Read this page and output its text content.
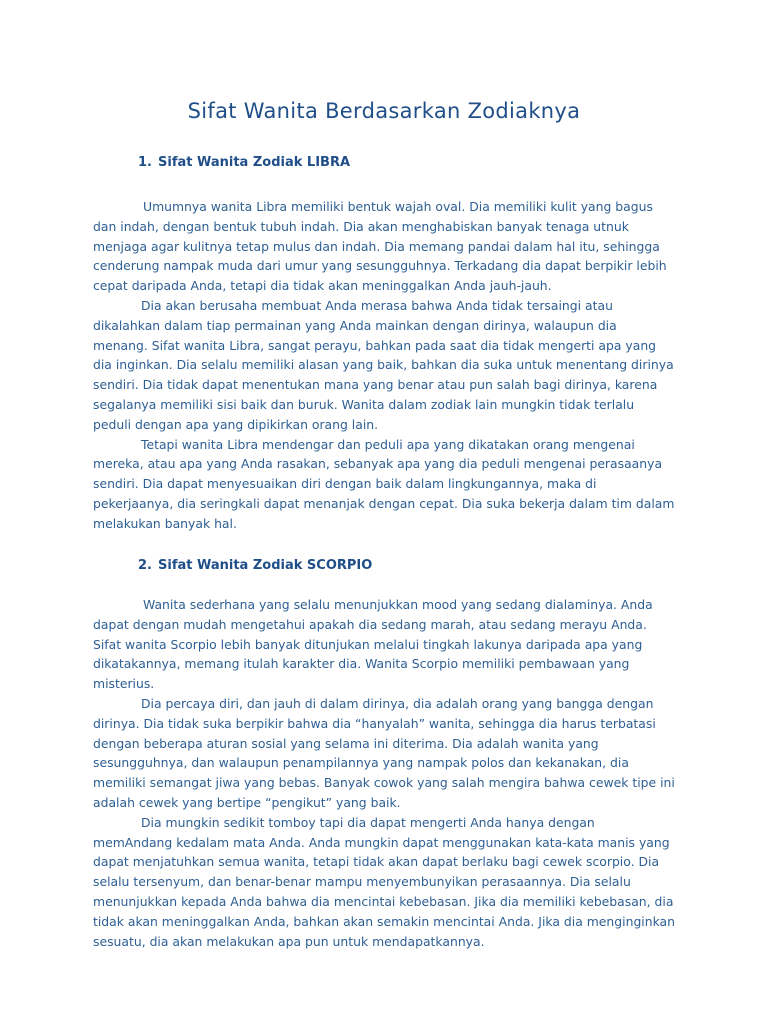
Sifat Wanita Berdasarkan Zodiaknya
1. Sifat Wanita Zodiak LIBRA

Umumnya wanita Libra memiliki bentuk wajah oval. Dia memiliki kulit yang bagus dan indah, dengan bentuk tubuh indah. Dia akan menghabiskan banyak tenaga utnuk menjaga agar kulitnya tetap mulus dan indah. Dia memang pandai dalam hal itu, sehingga cenderung nampak muda dari umur yang sesungguhnya. Terkadang dia dapat berpikir lebih cepat daripada Anda, tetapi dia tidak akan meninggalkan Anda jauh-jauh.

Dia akan berusaha membuat Anda merasa bahwa Anda tidak tersaingi atau dikalahkan dalam tiap permainan yang Anda mainkan dengan dirinya, walaupun dia menang. Sifat wanita Libra, sangat perayu, bahkan pada saat dia tidak mengerti apa yang dia inginkan. Dia selalu memiliki alasan yang baik, bahkan dia suka untuk menentang dirinya sendiri. Dia tidak dapat menentukan mana yang benar atau pun salah bagi dirinya, karena segalanya memiliki sisi baik dan buruk. Wanita dalam zodiak lain mungkin tidak terlalu peduli dengan apa yang dipikirkan orang lain.

Tetapi wanita Libra mendengar dan peduli apa yang dikatakan orang mengenai mereka, atau apa yang Anda rasakan, sebanyak apa yang dia peduli mengenai perasaanya sendiri. Dia dapat menyesuaikan diri dengan baik dalam lingkungannya, maka di pekerjaanya, dia seringkali dapat menanjak dengan cepat. Dia suka bekerja dalam tim dalam melakukan banyak hal.

2. Sifat Wanita Zodiak SCORPIO

Wanita sederhana yang selalu menunjukkan mood yang sedang dialaminya. Anda dapat dengan mudah mengetahui apakah dia sedang marah, atau sedang merayu Anda. Sifat wanita Scorpio lebih banyak ditunjukan melalui tingkah lakunya daripada apa yang dikatakannya, memang itulah karakter dia. Wanita Scorpio memiliki pembawaan yang misterius.

Dia percaya diri, dan jauh di dalam dirinya, dia adalah orang yang bangga dengan dirinya. Dia tidak suka berpikir bahwa dia “hanyalah” wanita, sehingga dia harus terbatasi dengan beberapa aturan sosial yang selama ini diterima. Dia adalah wanita yang sesungguhnya, dan walaupun penampilannya yang nampak polos dan kekanakan, dia memiliki semangat jiwa yang bebas. Banyak cowok yang salah mengira bahwa cewek tipe ini adalah cewek yang bertipe “pengikut” yang baik.

Dia mungkin sedikit tomboy tapi dia dapat mengerti Anda hanya dengan memAndang kedalam mata Anda. Anda mungkin dapat menggunakan kata-kata manis yang dapat menjatuhkan semua wanita, tetapi tidak akan dapat berlaku bagi cewek scorpio. Dia selalu tersenyum, dan benar-benar mampu menyembunyikan perasaannya. Dia selalu menunjukkan kepada Anda bahwa dia mencintai kebebasan. Jika dia memiliki kebebasan, dia tidak akan meninggalkan Anda, bahkan akan semakin mencintai Anda. Jika dia menginginkan sesuatu, dia akan melakukan apa pun untuk mendapatkannya.
